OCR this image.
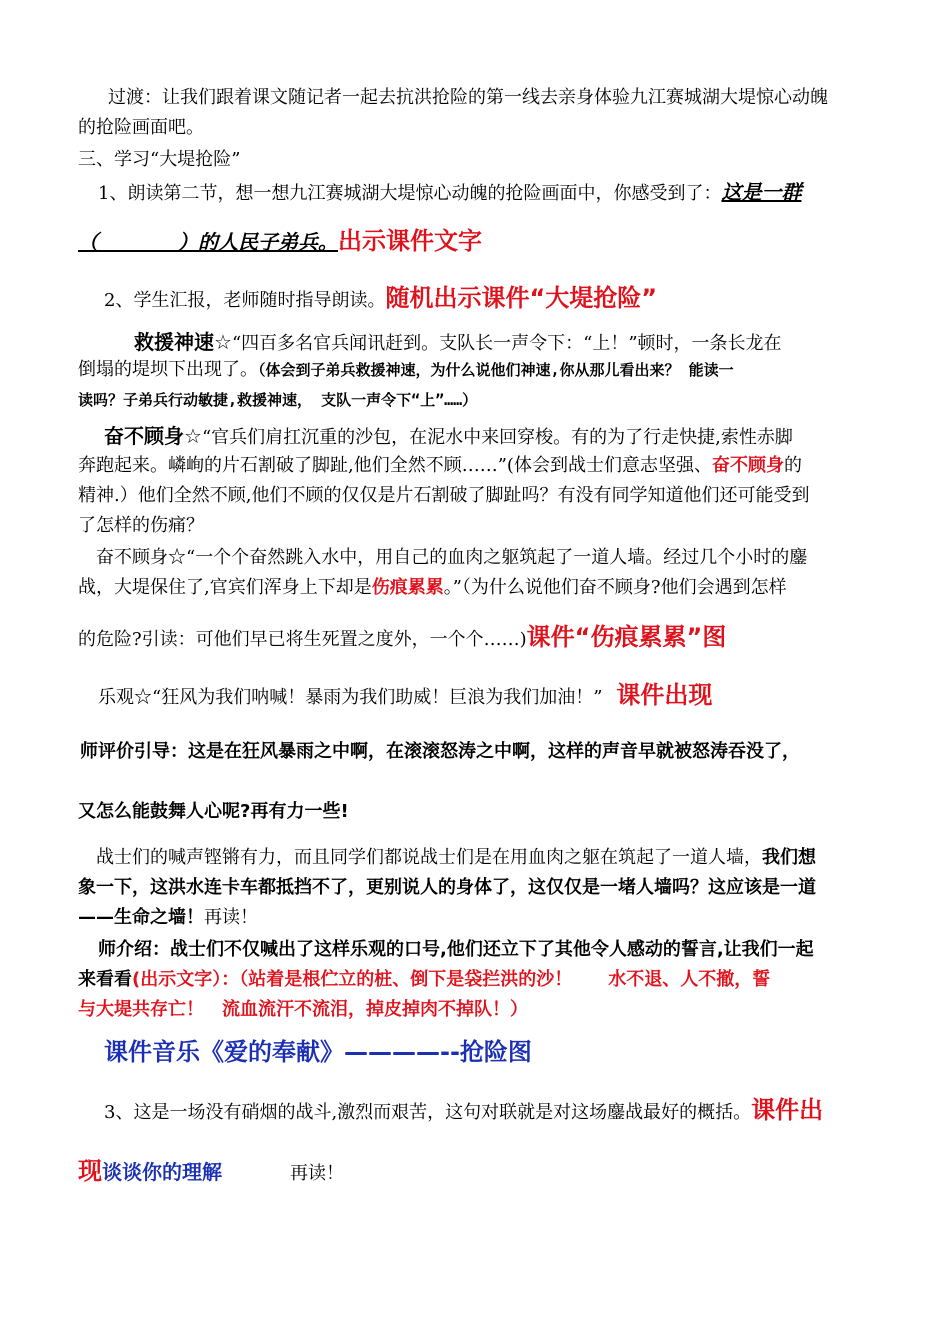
过渡：让我们跟着课文随记者一起去抗洪抢险的第一线去亲身体验九江赛城湖大堤惊心动魄
的抢险画面吧。
三、学习“大堤抢险”
1、朗读第二节，想一想九江赛城湖大堤惊心动魄的抢险画面中，你感受到了：这是一群
（　　　　）的人民子弟兵。出示课件文字
2、学生汇报，老师随时指导朗读。随机出示课件“大堤抢险”
救援神速☆“四百多名官兵闻讯赶到。支队长一声令下：“上！”顿时，一条长龙在
倒塌的堤坝下出现了。（体会到子弟兵救援神速，为什么说他们神速,你从那儿看出来？ 能读一
读吗？子弟兵行动敏捷,救援神速， 支队一声令下“上”……）
奋不顾身☆“官兵们肩扛沉重的沙包，在泥水中来回穿梭。有的为了行走快捷,索性赤脚
奔跑起来。嶙峋的片石割破了脚趾,他们全然不顾……”(体会到战士们意志坚强、奋不顾身的
精神.）他们全然不顾,他们不顾的仅仅是片石割破了脚趾吗？有没有同学知道他们还可能受到
了怎样的伤痛？
奋不顾身☆“一个个奋然跳入水中，用自己的血肉之躯筑起了一道人墙。经过几个小时的鏖
战，大堤保住了,官宾们浑身上下却是伤痕累累。”（为什么说他们奋不顾身?他们会遇到怎样
的危险?引读：可他们早已将生死置之度外，一个个……)课件“伤痕累累”图
乐观☆“狂风为我们呐喊！暴雨为我们助威！巨浪为我们加油！” 课件出现
师评价引导：这是在狂风暴雨之中啊，在滚滚怒涛之中啊，这样的声音早就被怒涛吞没了，
又怎么能鼓舞人心呢?再有力一些!
战士们的喊声铿锵有力，而且同学们都说战士们是在用血肉之躯在筑起了一道人墙，我们想
象一下，这洪水连卡车都抵挡不了，更别说人的身体了，这仅仅是一堵人墙吗？这应该是一道
——生命之墙！再读！
师介绍：战士们不仅喊出了这样乐观的口号,他们还立下了其他令人感动的誓言,让我们一起
来看看(出示文字）：（站着是根伫立的桩、倒下是袋拦洪的沙！　　水不退、人不撤，誓
与大堤共存亡！　流血流汗不流泪，掉皮掉肉不掉队！）
课件音乐《爱的奉献》————--抢险图
3、这是一场没有硝烟的战斗,激烈而艰苦，这句对联就是对这场鏖战最好的概括。课件出
现谈谈你的理解	再读！
